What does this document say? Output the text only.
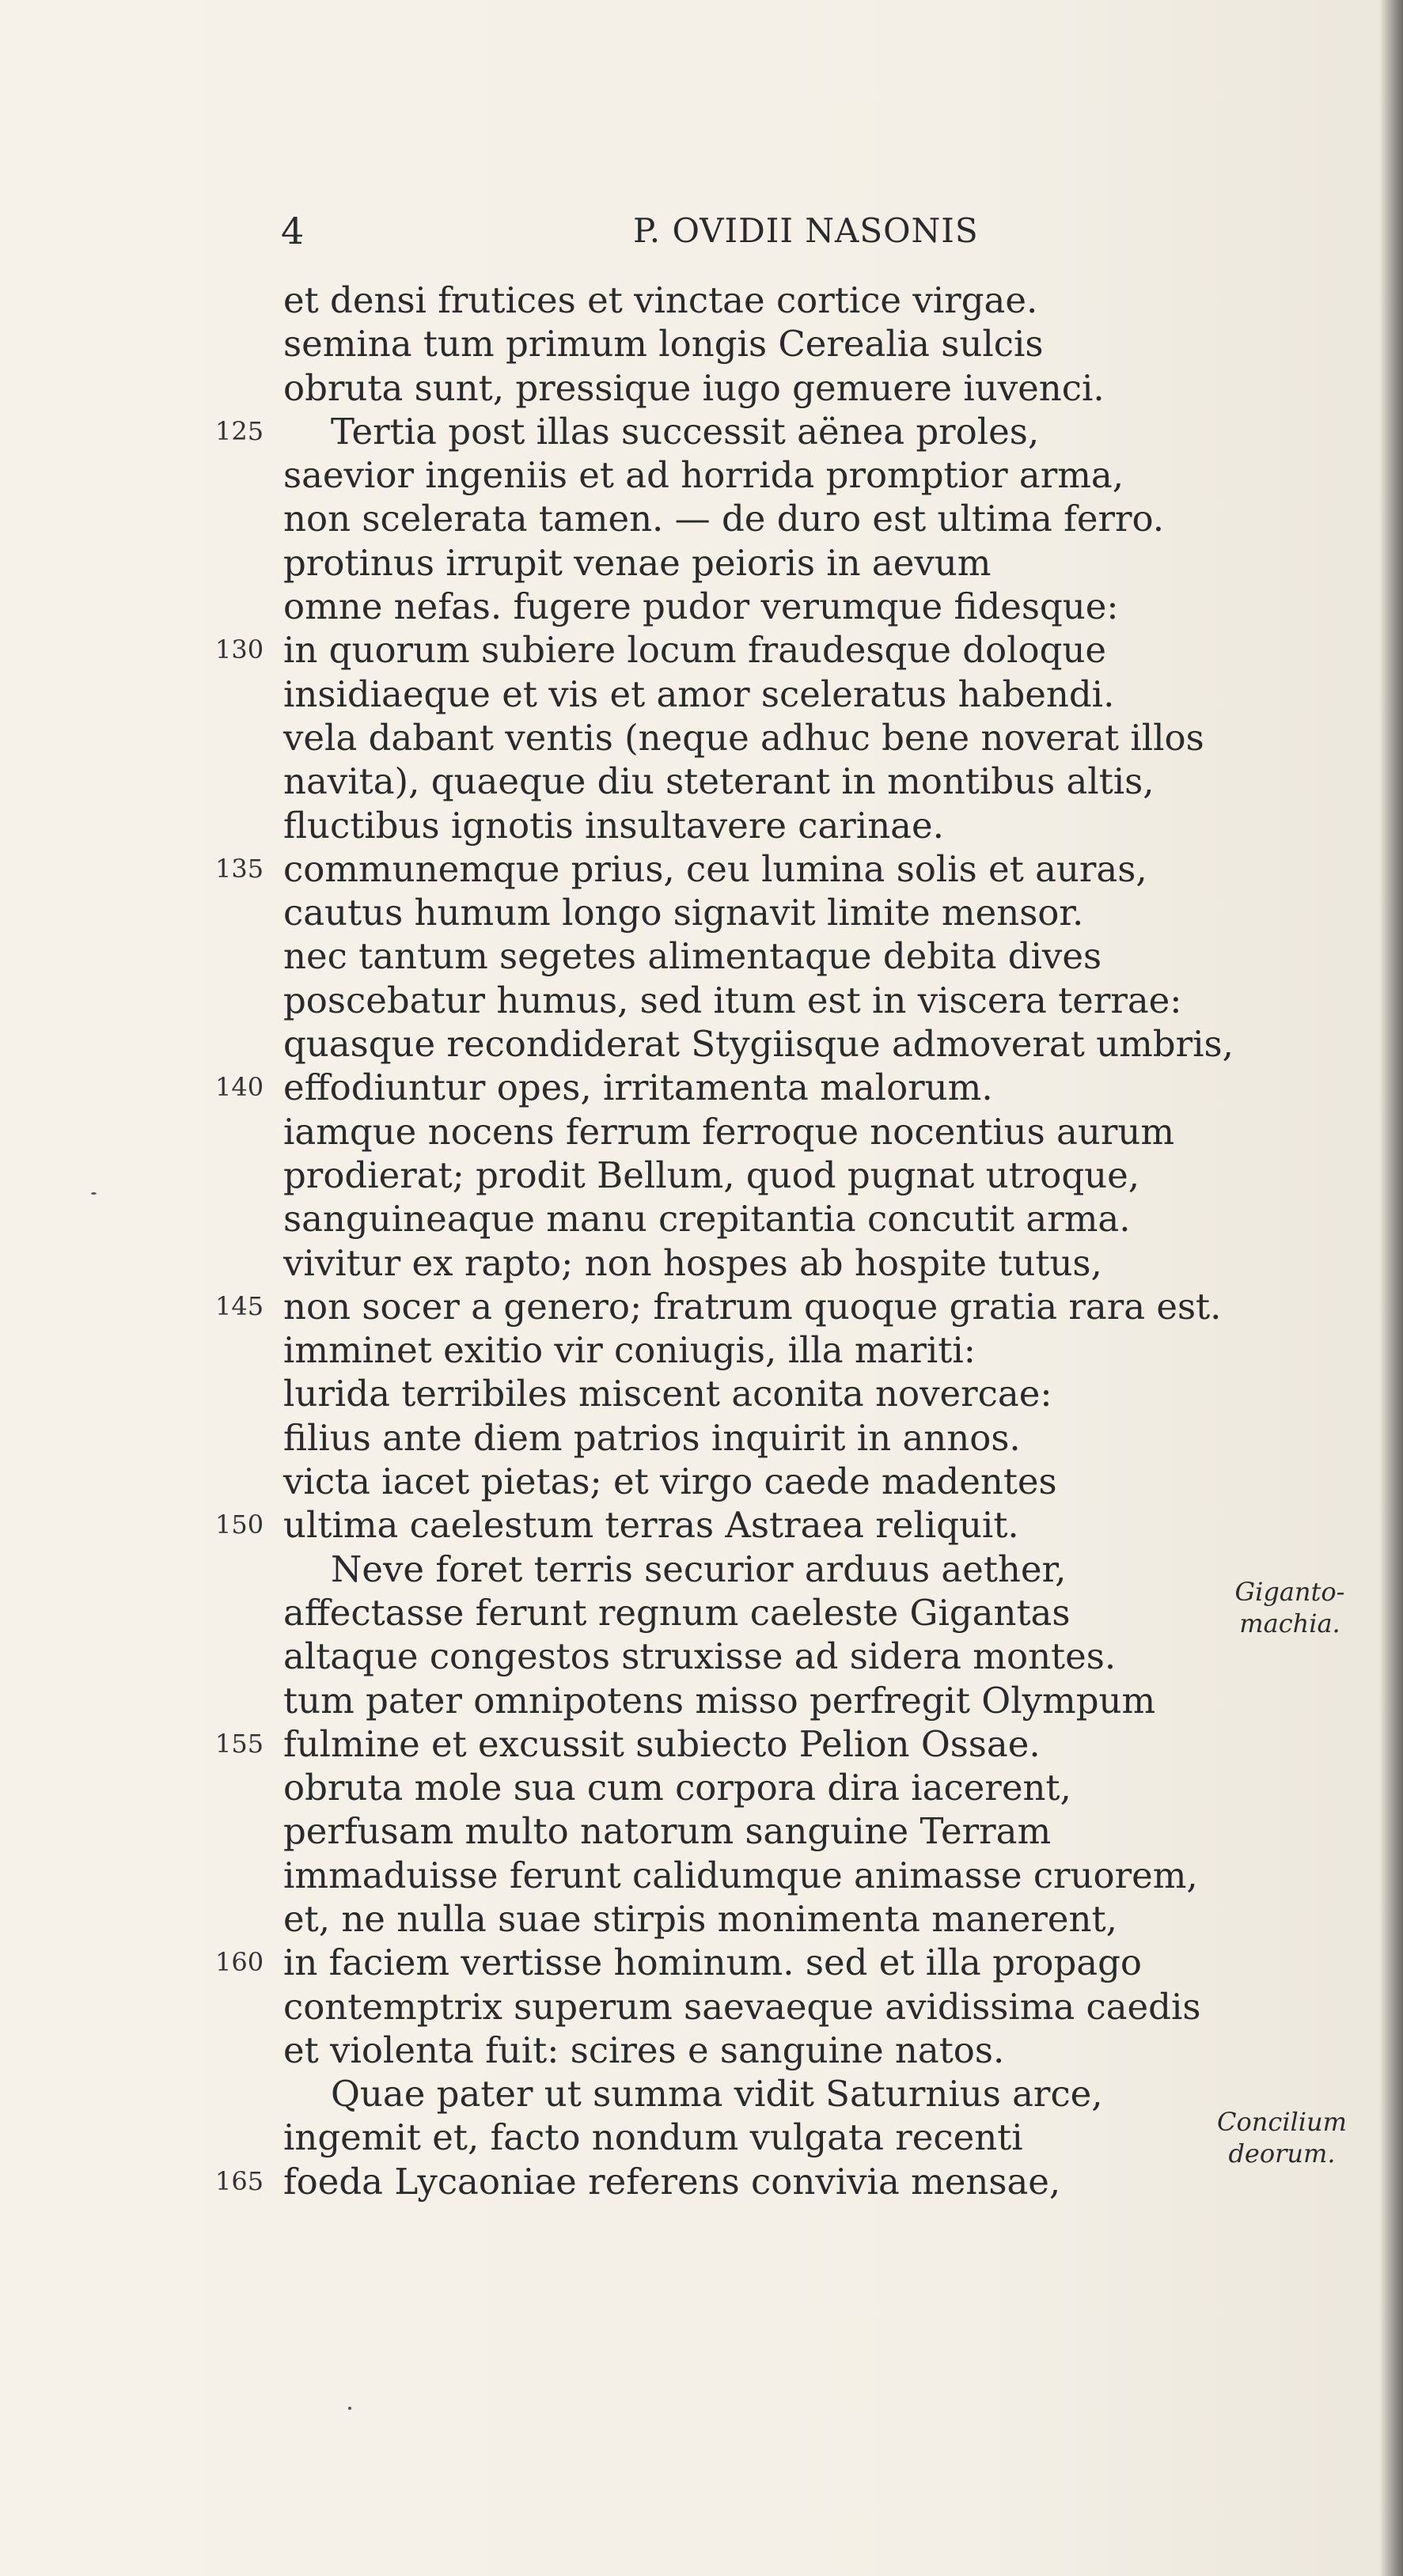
4	P. OVIDII NASONIS
et densi frutices et vinctae cortice virgae.
semina tum primum longis Cerealia sulcis
obruta sunt, pressique iugo gemuere iuvenci.
125 Tertia post illas successit aënea proles,
saevior ingeniis et ad horrida promptior arma,
non scelerata tamen. — de duro est ultima ferro.
protinus irrupit venae peioris in aevum
omne nefas. fugere pudor verumque fidesque:
130 in quorum subiere locum fraudesque doloque
insidiaeque et vis et amor sceleratus habendi.
vela dabant ventis (neque adhuc bene noverat illos
navita), quaeque diu steterant in montibus altis,
fluctibus ignotis insultavere carinae.
135 communemque prius, ceu lumina solis et auras,
cautus humum longo signavit limite mensor.
nec tantum segetes alimentaque debita dives
poscebatur humus, sed itum est in viscera terrae:
quasque recondiderat Stygiisque admoverat umbris,
140 effodiuntur opes, irritamenta malorum.
iamque nocens ferrum ferroque nocentius aurum
prodierat; prodit Bellum, quod pugnat utroque,
sanguineaque manu crepitantia concutit arma.
vivitur ex rapto; non hospes ab hospite tutus,
145 non socer a genero; fratrum quoque gratia rara est.
imminet exitio vir coniugis, illa mariti:
lurida terribiles miscent aconita novercae:
filius ante diem patrios inquirit in annos.
victa iacet pietas; et virgo caede madentes
150 ultima caelestum terras Astraea reliquit.
Neve foret terris securior arduus aether,
affectasse ferunt regnum caeleste Gigantas
altaque congestos struxisse ad sidera montes.
tum pater omnipotens misso perfregit Olympum
155 fulmine et excussit subiecto Pelion Ossae.
obruta mole sua cum corpora dira iacerent,
perfusam multo natorum sanguine Terram
immaduisse ferunt calidumque animasse cruorem,
et, ne nulla suae stirpis monimenta manerent,
160 in faciem vertisse hominum. sed et illa propago
contemptrix superum saevaeque avidissima caedis
et violenta fuit: scires e sanguine natos.
Quae pater ut summa vidit Saturnius arce,
ingemit et, facto nondum vulgata recenti
165 foeda Lycaoniae referens convivia mensae,
Giganto-
machia.
Concilium
deorum.
